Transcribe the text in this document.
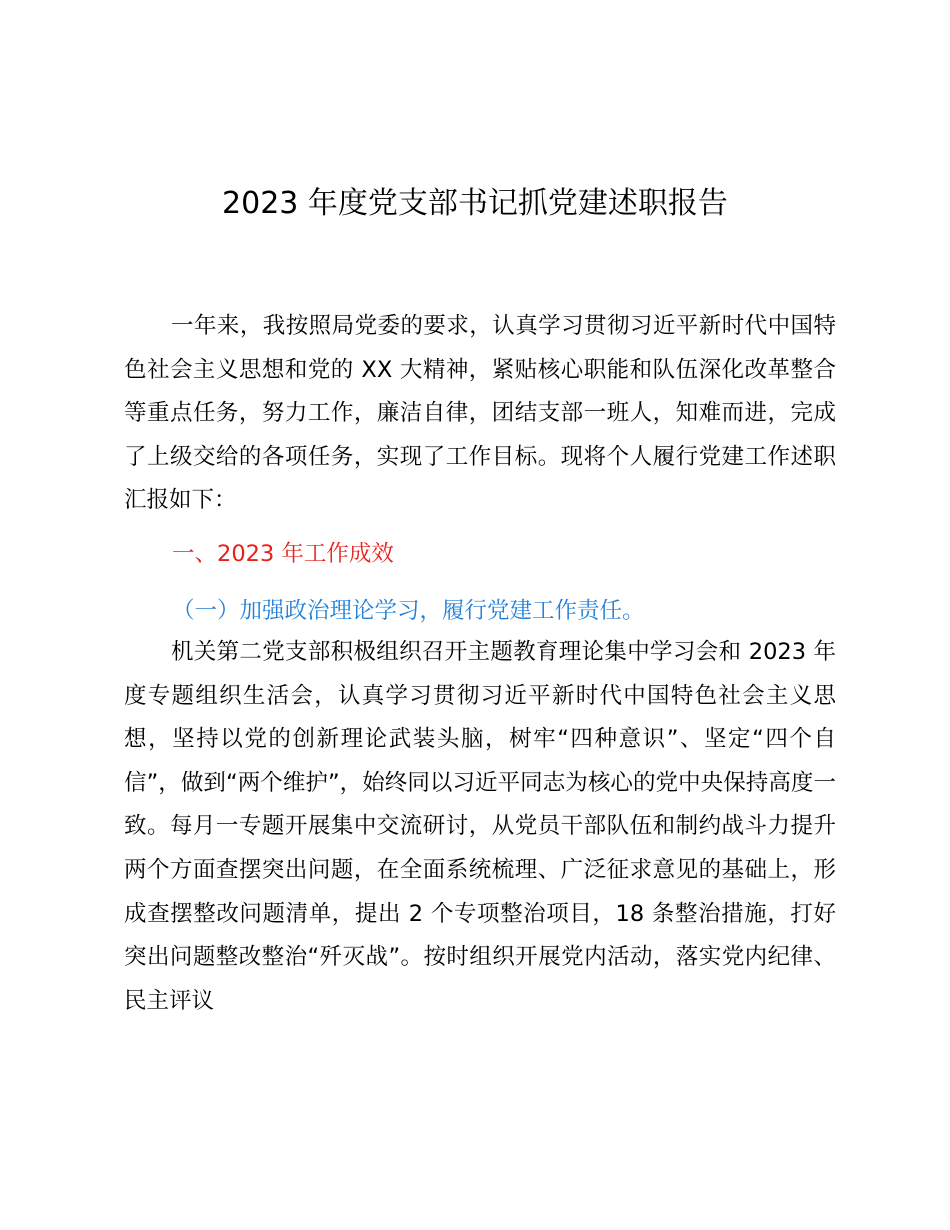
2023 年度党支部书记抓党建述职报告

一年来，我按照局党委的要求，认真学习贯彻习近平新时代中国特色社会主义思想和党的 XX 大精神，紧贴核心职能和队伍深化改革整合等重点任务，努力工作，廉洁自律，团结支部一班人，知难而进，完成了上级交给的各项任务，实现了工作目标。现将个人履行党建工作述职汇报如下：

一、2023 年工作成效

（一）加强政治理论学习，履行党建工作责任。

机关第二党支部积极组织召开主题教育理论集中学习会和 2023 年度专题组织生活会，认真学习贯彻习近平新时代中国特色社会主义思想，坚持以党的创新理论武装头脑，树牢“四种意识”、坚定“四个自信”，做到“两个维护”，始终同以习近平同志为核心的党中央保持高度一致。每月一专题开展集中交流研讨，从党员干部队伍和制约战斗力提升两个方面查摆突出问题，在全面系统梳理、广泛征求意见的基础上，形成查摆整改问题清单，提出 2 个专项整治项目，18 条整治措施，打好突出问题整改整治“歼灭战”。按时组织开展党内活动，落实党内纪律、民主评议
